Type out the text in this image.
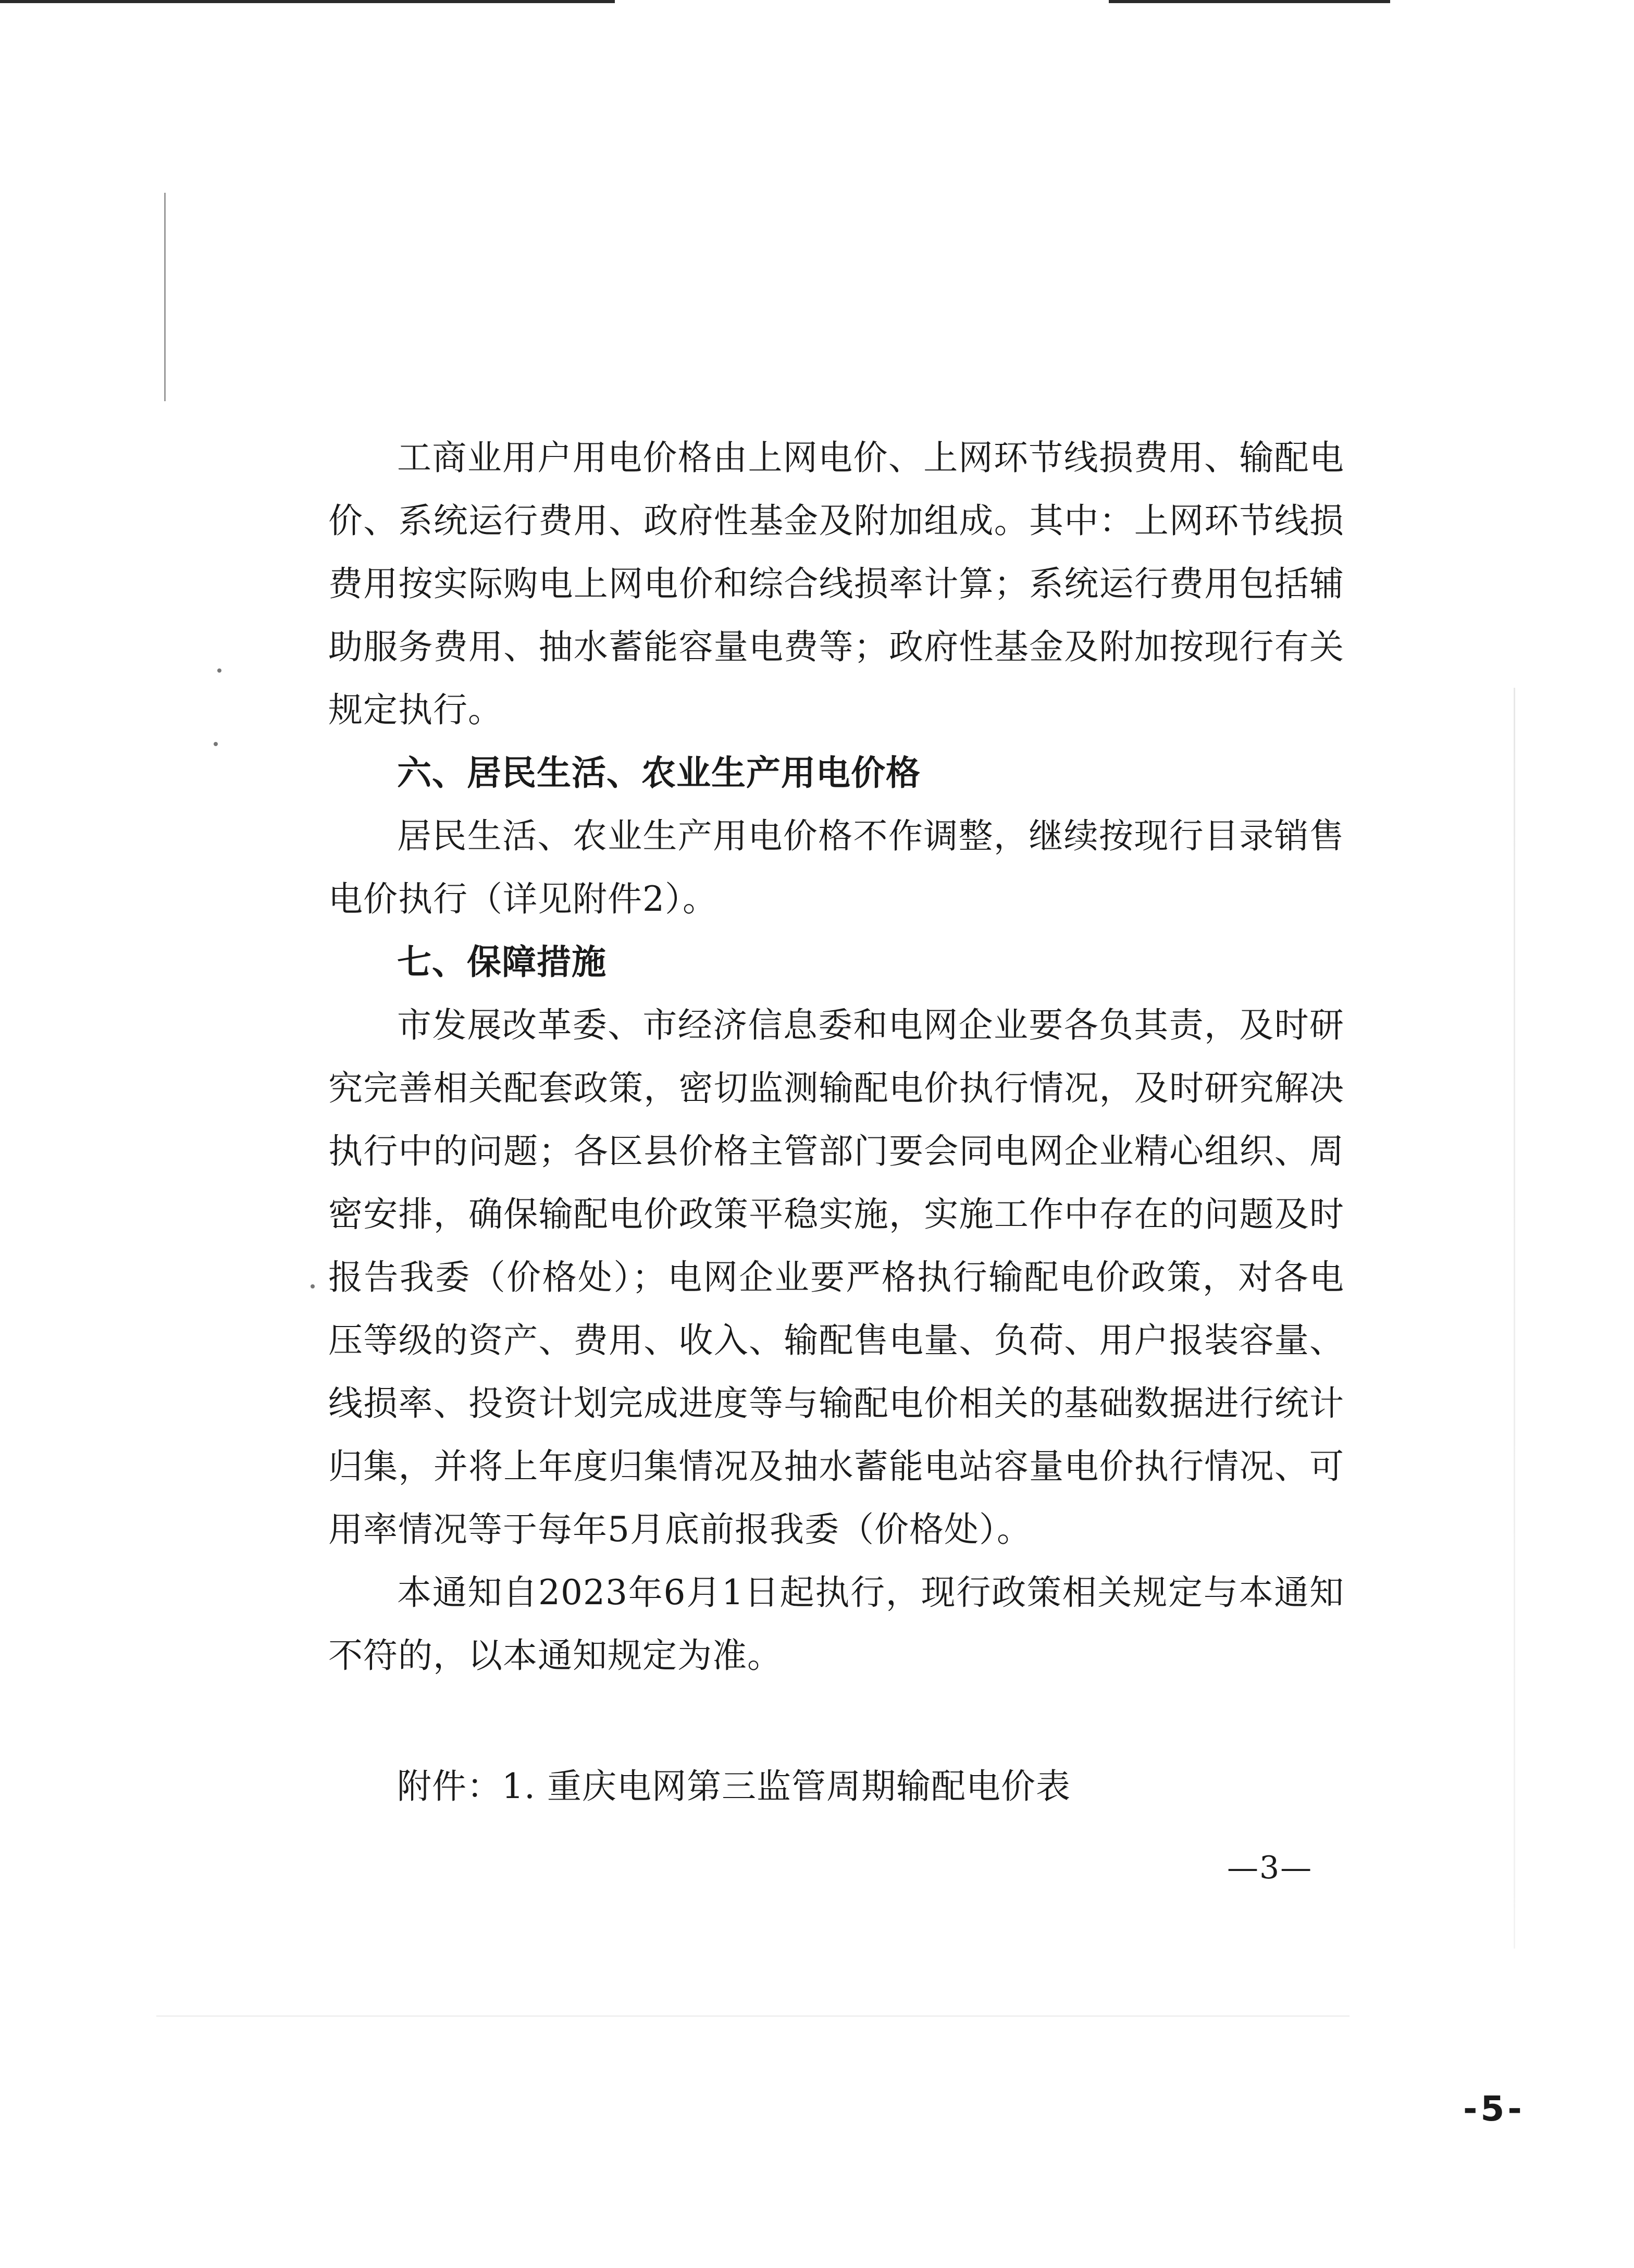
工商业用户用电价格由上网电价、上网环节线损费用、输配电价、系统运行费用、政府性基金及附加组成。其中：上网环节线损费用按实际购电上网电价和综合线损率计算；系统运行费用包括辅助服务费用、抽水蓄能容量电费等；政府性基金及附加按现行有关规定执行。

六、居民生活、农业生产用电价格

居民生活、农业生产用电价格不作调整，继续按现行目录销售电价执行（详见附件2）。

七、保障措施

市发展改革委、市经济信息委和电网企业要各负其责，及时研究完善相关配套政策，密切监测输配电价执行情况，及时研究解决执行中的问题；各区县价格主管部门要会同电网企业精心组织、周密安排，确保输配电价政策平稳实施，实施工作中存在的问题及时报告我委（价格处）；电网企业要严格执行输配电价政策，对各电压等级的资产、费用、收入、输配售电量、负荷、用户报装容量、线损率、投资计划完成进度等与输配电价相关的基础数据进行统计归集，并将上年度归集情况及抽水蓄能电站容量电价执行情况、可用率情况等于每年5月底前报我委（价格处）。

本通知自2023年6月1日起执行，现行政策相关规定与本通知不符的，以本通知规定为准。

附件：1. 重庆电网第三监管周期输配电价表

—3—
-5-
